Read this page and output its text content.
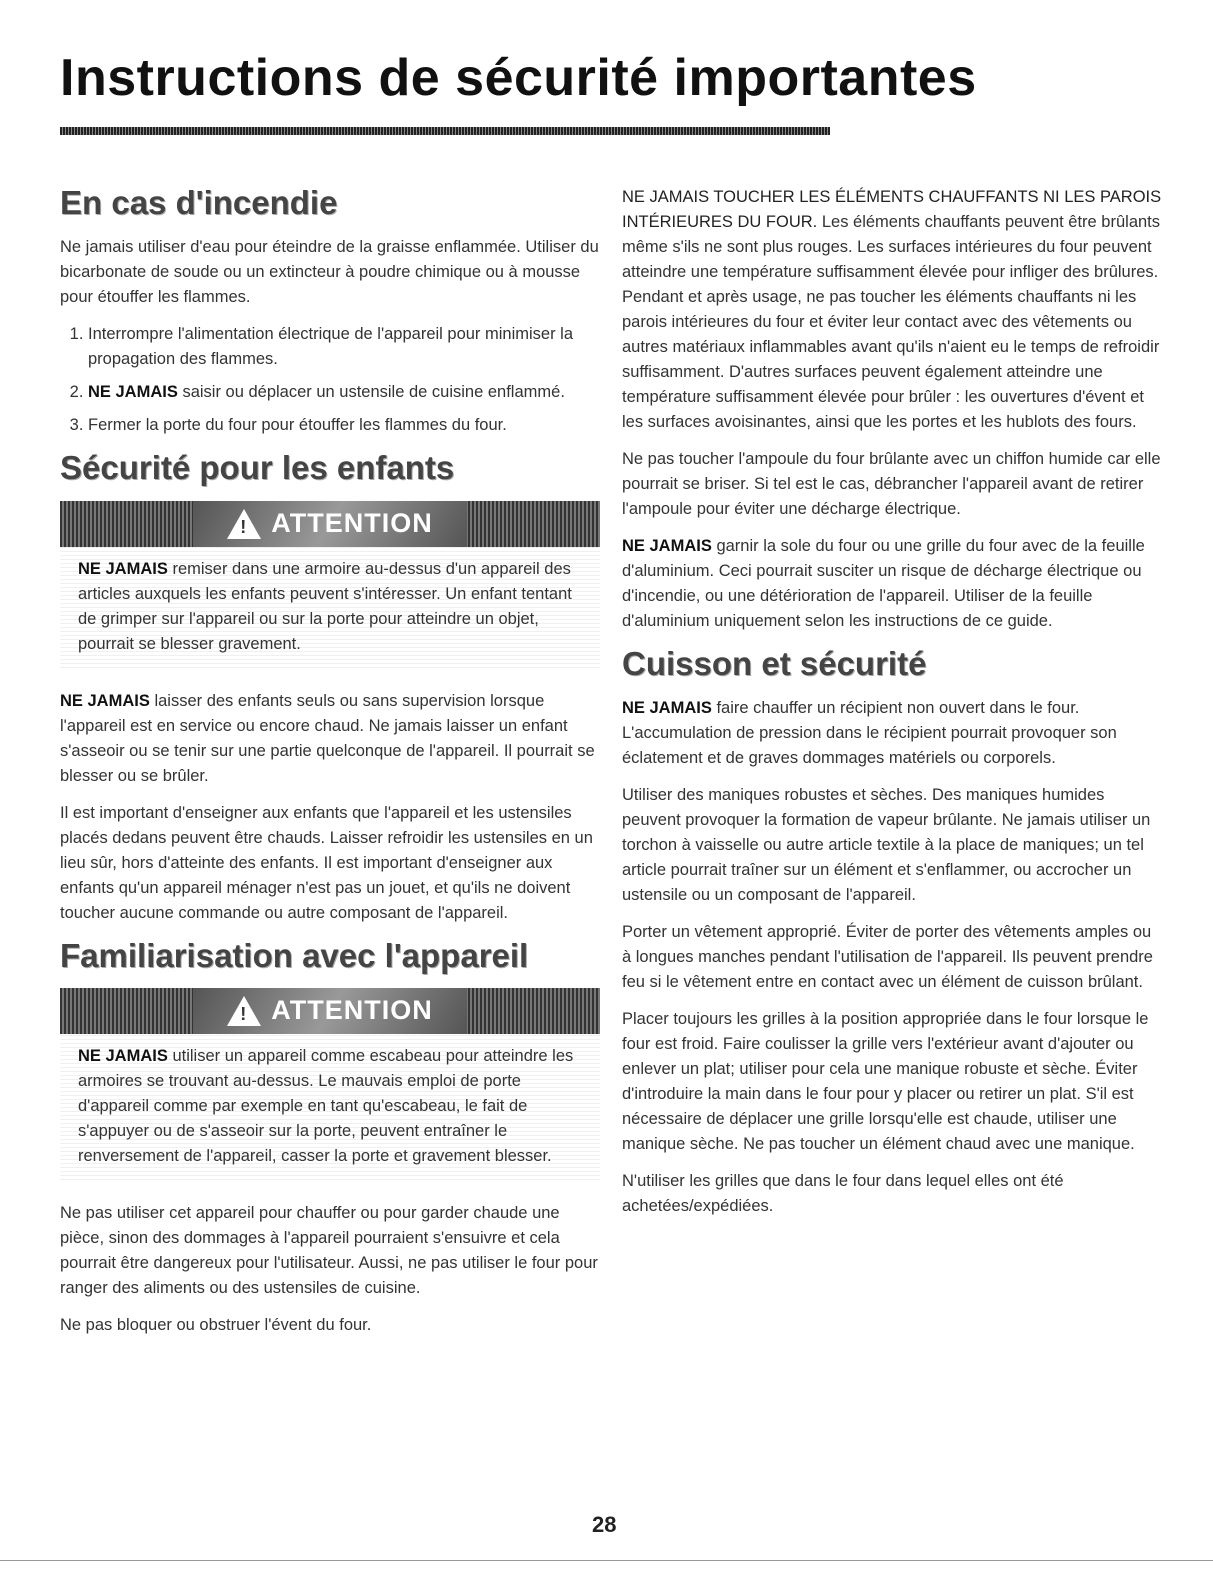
Instructions de sécurité importantes
En cas d'incendie

Ne jamais utiliser d'eau pour éteindre de la graisse enflammée. Utiliser du bicarbonate de soude ou un extincteur à poudre chimique ou à mousse pour étouffer les flammes.

1. Interrompre l'alimentation électrique de l'appareil pour minimiser la propagation des flammes.
2. NE JAMAIS saisir ou déplacer un ustensile de cuisine enflammé.
3. Fermer la porte du four pour étouffer les flammes du four.
Sécurité pour les enfants
! ATTENTION

NE JAMAIS remiser dans une armoire au-dessus d'un appareil des articles auxquels les enfants peuvent s'intéresser. Un enfant tentant de grimper sur l'appareil ou sur la porte pour atteindre un objet, pourrait se blesser gravement.

NE JAMAIS laisser des enfants seuls ou sans supervision lorsque l'appareil est en service ou encore chaud. Ne jamais laisser un enfant s'asseoir ou se tenir sur une partie quelconque de l'appareil. Il pourrait se blesser ou se brûler.

Il est important d'enseigner aux enfants que l'appareil et les ustensiles placés dedans peuvent être chauds. Laisser refroidir les ustensiles en un lieu sûr, hors d'atteinte des enfants. Il est important d'enseigner aux enfants qu'un appareil ménager n'est pas un jouet, et qu'ils ne doivent toucher aucune commande ou autre composant de l'appareil.

Familiarisation avec l'appareil
! ATTENTION

NE JAMAIS utiliser un appareil comme escabeau pour atteindre les armoires se trouvant au-dessus. Le mauvais emploi de porte d'appareil comme par exemple en tant qu'escabeau, le fait de s'appuyer ou de s'asseoir sur la porte, peuvent entraîner le renversement de l'appareil, casser la porte et gravement blesser.

Ne pas utiliser cet appareil pour chauffer ou pour garder chaude une pièce, sinon des dommages à l'appareil pourraient s'ensuivre et cela pourrait être dangereux pour l'utilisateur. Aussi, ne pas utiliser le four pour ranger des aliments ou des ustensiles de cuisine.

Ne pas bloquer ou obstruer l'évent du four.

NE JAMAIS TOUCHER LES ÉLÉMENTS CHAUFFANTS NI LES PAROIS INTÉRIEURES DU FOUR. Les éléments chauffants peuvent être brûlants même s'ils ne sont plus rouges. Les surfaces intérieures du four peuvent atteindre une température suffisamment élevée pour infliger des brûlures. Pendant et après usage, ne pas toucher les éléments chauffants ni les parois intérieures du four et éviter leur contact avec des vêtements ou autres matériaux inflammables avant qu'ils n'aient eu le temps de refroidir suffisamment. D'autres surfaces peuvent également atteindre une température suffisamment élevée pour brûler : les ouvertures d'évent et les surfaces avoisinantes, ainsi que les portes et les hublots des fours.

Ne pas toucher l'ampoule du four brûlante avec un chiffon humide car elle pourrait se briser. Si tel est le cas, débrancher l'appareil avant de retirer l'ampoule pour éviter une décharge électrique.

NE JAMAIS garnir la sole du four ou une grille du four avec de la feuille d'aluminium. Ceci pourrait susciter un risque de décharge électrique ou d'incendie, ou une détérioration de l'appareil. Utiliser de la feuille d'aluminium uniquement selon les instructions de ce guide.

Cuisson et sécurité

NE JAMAIS faire chauffer un récipient non ouvert dans le four. L'accumulation de pression dans le récipient pourrait provoquer son éclatement et de graves dommages matériels ou corporels.

Utiliser des maniques robustes et sèches. Des maniques humides peuvent provoquer la formation de vapeur brûlante. Ne jamais utiliser un torchon à vaisselle ou autre article textile à la place de maniques; un tel article pourrait traîner sur un élément et s'enflammer, ou accrocher un ustensile ou un composant de l'appareil.

Porter un vêtement approprié. Éviter de porter des vêtements amples ou à longues manches pendant l'utilisation de l'appareil. Ils peuvent prendre feu si le vêtement entre en contact avec un élément de cuisson brûlant.

Placer toujours les grilles à la position appropriée dans le four lorsque le four est froid. Faire coulisser la grille vers l'extérieur avant d'ajouter ou enlever un plat; utiliser pour cela une manique robuste et sèche. Éviter d'introduire la main dans le four pour y placer ou retirer un plat. S'il est nécessaire de déplacer une grille lorsqu'elle est chaude, utiliser une manique sèche. Ne pas toucher un élément chaud avec une manique.

N'utiliser les grilles que dans le four dans lequel elles ont été achetées/expédiées.

28
